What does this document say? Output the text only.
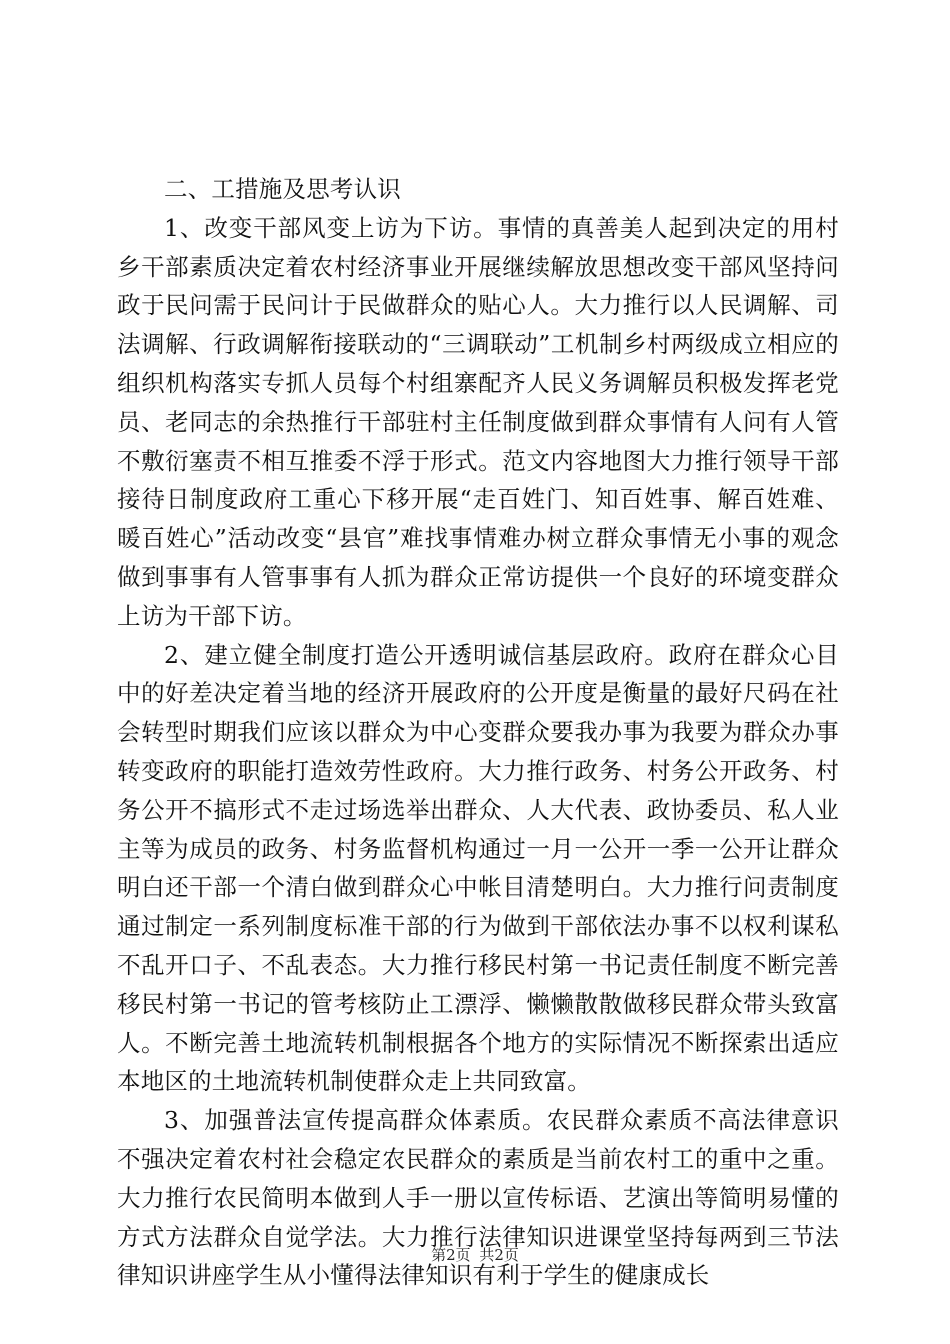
二、工措施及思考认识

1、改变干部风变上访为下访。事情的真善美人起到决定的用村乡干部素质决定着农村经济事业开展继续解放思想改变干部风坚持问政于民问需于民问计于民做群众的贴心人。大力推行以人民调解、司法调解、行政调解衔接联动的“三调联动”工机制乡村两级成立相应的组织机构落实专抓人员每个村组寨配齐人民义务调解员积极发挥老党员、老同志的余热推行干部驻村主任制度做到群众事情有人问有人管不敷衍塞责不相互推委不浮于形式。范文内容地图大力推行领导干部接待日制度政府工重心下移开展“走百姓门、知百姓事、解百姓难、暖百姓心”活动改变“县官”难找事情难办树立群众事情无小事的观念做到事事有人管事事有人抓为群众正常访提供一个良好的环境变群众上访为干部下访。

2、建立健全制度打造公开透明诚信基层政府。政府在群众心目中的好差决定着当地的经济开展政府的公开度是衡量的最好尺码在社会转型时期我们应该以群众为中心变群众要我办事为我要为群众办事转变政府的职能打造效劳性政府。大力推行政务、村务公开政务、村务公开不搞形式不走过场选举出群众、人大代表、政协委员、私人业主等为成员的政务、村务监督机构通过一月一公开一季一公开让群众明白还干部一个清白做到群众心中帐目清楚明白。大力推行问责制度通过制定一系列制度标准干部的行为做到干部依法办事不以权利谋私不乱开口子、不乱表态。大力推行移民村第一书记责任制度不断完善移民村第一书记的管考核防止工漂浮、懒懒散散做移民群众带头致富人。不断完善土地流转机制根据各个地方的实际情况不断探索出适应本地区的土地流转机制使群众走上共同致富。

3、加强普法宣传提高群众体素质。农民群众素质不高法律意识不强决定着农村社会稳定农民群众的素质是当前农村工的重中之重。大力推行农民简明本做到人手一册以宣传标语、艺演出等简明易懂的方式方法群众自觉学法。大力推行法律知识进课堂坚持每两到三节法律知识讲座学生从小懂得法律知识有利于学生的健康成长

第2页 共2页
